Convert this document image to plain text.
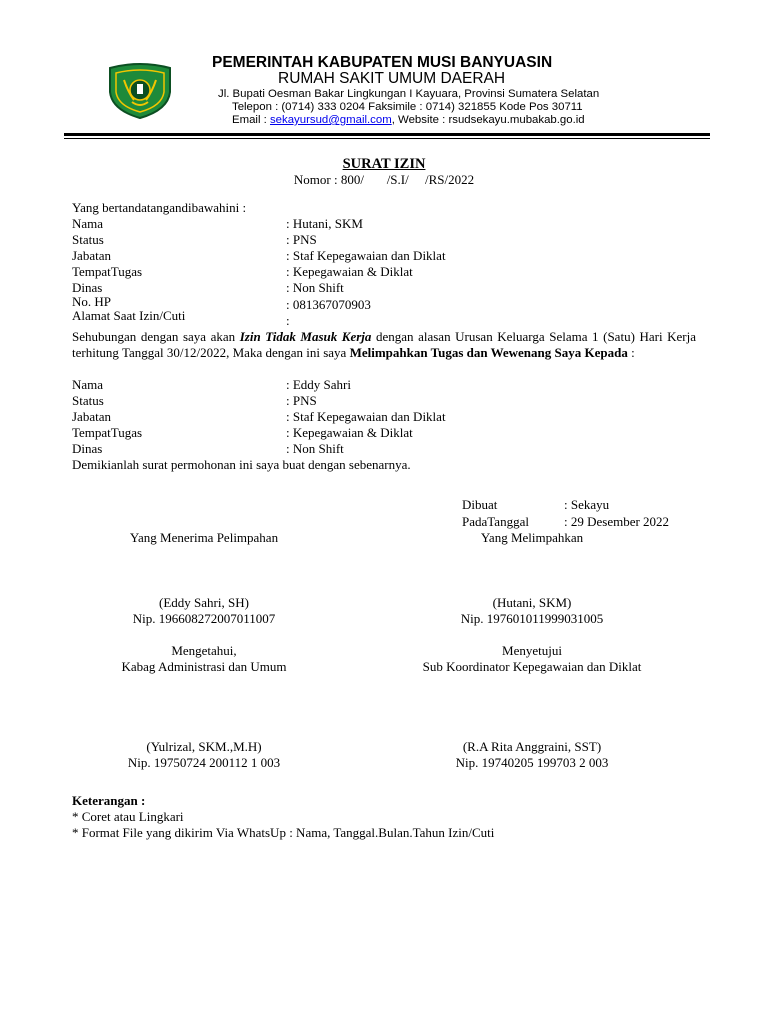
PEMERINTAH KABUPATEN MUSI BANYUASIN
RUMAH SAKIT UMUM DAERAH
Jl. Bupati Oesman Bakar Lingkungan I Kayuara, Provinsi Sumatera Selatan
Telepon : (0714) 333 0204 Faksimile : 0714) 321855 Kode Pos 30711
Email : sekayursud@gmail.com, Website : rsudsekayu.mubakab.go.id
SURAT IZIN
Nomor : 800/       /S.I/     /RS/2022
Yang bertandatangandibawahini :
Nama	: Hutani, SKM
Status	: PNS
Jabatan	: Staf Kepegawaian dan Diklat
TempatTugas	: Kepegawaian & Diklat
Dinas	: Non Shift
No. HP	: 081367070903
Alamat Saat Izin/Cuti	:
Sehubungan dengan saya akan Izin Tidak Masuk Kerja dengan alasan Urusan Keluarga Selama 1 (Satu) Hari Kerja terhitung Tanggal 30/12/2022, Maka dengan ini saya Melimpahkan Tugas dan Wewenang Saya Kepada :
Nama	: Eddy Sahri
Status	: PNS
Jabatan	: Staf Kepegawaian dan Diklat
TempatTugas	: Kepegawaian & Diklat
Dinas	: Non Shift
Demikianlah surat permohonan ini saya buat dengan sebenarnya.
Dibuat	: Sekayu
PadaTanggal	: 29 Desember 2022
Yang Menerima Pelimpahan	Yang Melimpahkan
(Eddy Sahri, SH)
Nip. 196608272007011007
(Hutani, SKM)
Nip. 197601011999031005
Mengetahui,
Kabag Administrasi dan Umum
Menyetujui
Sub Koordinator Kepegawaian dan Diklat
(Yulrizal, SKM.,M.H)
Nip. 19750724 200112 1 003
(R.A Rita Anggraini, SST)
Nip. 19740205 199703 2 003
Keterangan :
* Coret atau Lingkari
* Format File yang dikirim Via WhatsUp : Nama, Tanggal.Bulan.Tahun Izin/Cuti
